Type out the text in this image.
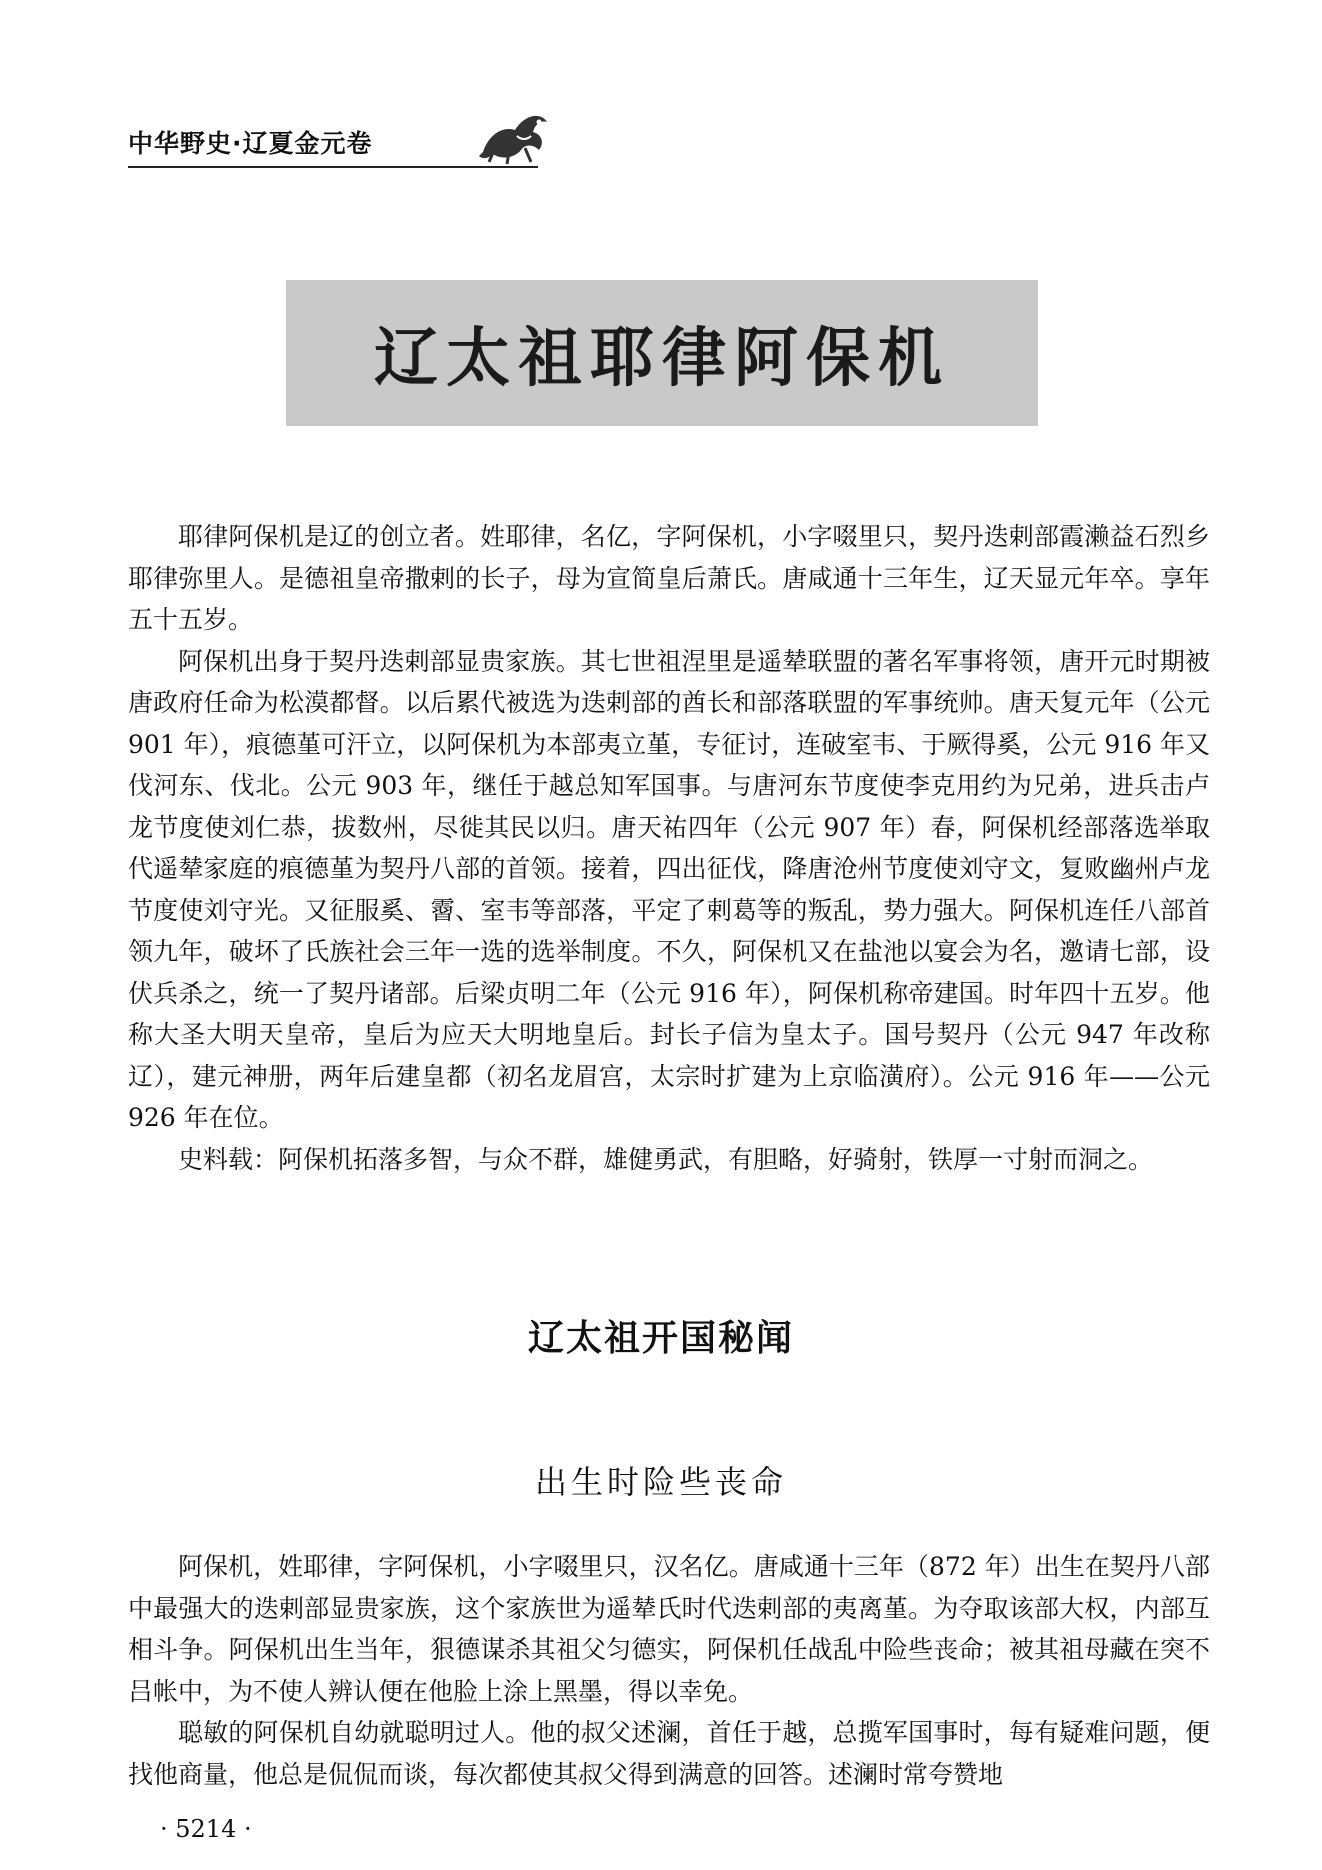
中华野史·辽夏金元卷
辽太祖耶律阿保机

耶律阿保机是辽的创立者。姓耶律，名亿，字阿保机，小字啜里只，契丹迭剌部霞濑益石烈乡耶律弥里人。是德祖皇帝撒剌的长子，母为宣简皇后萧氏。唐咸通十三年生，辽天显元年卒。享年五十五岁。

阿保机出身于契丹迭剌部显贵家族。其七世祖涅里是遥辇联盟的著名军事将领，唐开元时期被唐政府任命为松漠都督。以后累代被选为迭剌部的酋长和部落联盟的军事统帅。唐天复元年（公元 901 年），痕德堇可汗立，以阿保机为本部夷立堇，专征讨，连破室韦、于厥得奚，公元 916 年又伐河东、伐北。公元 903 年，继任于越总知军国事。与唐河东节度使李克用约为兄弟，进兵击卢龙节度使刘仁恭，拔数州，尽徙其民以归。唐天祐四年（公元 907 年）春，阿保机经部落选举取代遥辇家庭的痕德堇为契丹八部的首领。接着，四出征伐，降唐沧州节度使刘守文，复败幽州卢龙节度使刘守光。又征服奚、霫、室韦等部落，平定了剌葛等的叛乱，势力强大。阿保机连任八部首领九年，破坏了氏族社会三年一选的选举制度。不久，阿保机又在盐池以宴会为名，邀请七部，设伏兵杀之，统一了契丹诸部。后梁贞明二年（公元 916 年），阿保机称帝建国。时年四十五岁。他称大圣大明天皇帝，皇后为应天大明地皇后。封长子信为皇太子。国号契丹（公元 947 年改称辽），建元神册，两年后建皇都（初名龙眉宫，太宗时扩建为上京临潢府）。公元 916 年——公元 926 年在位。

史料载：阿保机拓落多智，与众不群，雄健勇武，有胆略，好骑射，铁厚一寸射而洞之。

辽太祖开国秘闻
出生时险些丧命

阿保机，姓耶律，字阿保机，小字啜里只，汉名亿。唐咸通十三年（872 年）出生在契丹八部中最强大的迭剌部显贵家族，这个家族世为遥辇氏时代迭剌部的夷离堇。为夺取该部大权，内部互相斗争。阿保机出生当年，狠德谋杀其祖父匀德实，阿保机任战乱中险些丧命；被其祖母藏在突不吕帐中，为不使人辨认便在他脸上涂上黑墨，得以幸免。

聪敏的阿保机自幼就聪明过人。他的叔父述澜，首任于越，总揽军国事时，每有疑难问题，便找他商量，他总是侃侃而谈，每次都使其叔父得到满意的回答。述澜时常夸赞地

· 5214 ·
